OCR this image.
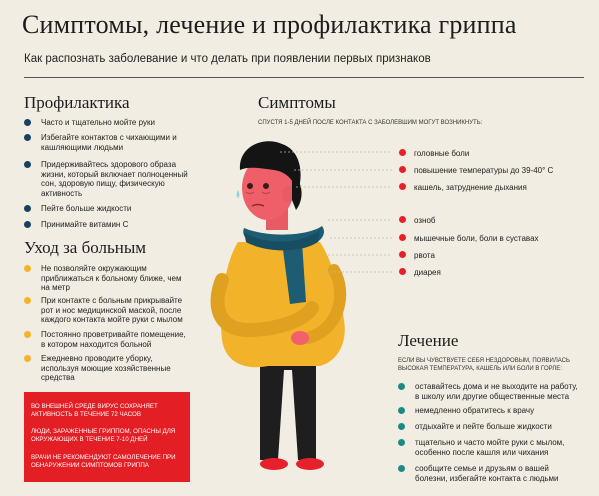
Симптомы, лечение и профилактика гриппа
Как распознать заболевание и что делать при появлении первых признаков
Профилактика
Часто и тщательно мойте руки
Избегайте контактов с чихающими и кашляющими людьми
Придерживайтесь здорового образа жизни, который включает полноценный сон, здоровую пищу, физическую активность
Пейте больше жидкости
Принимайте витамин С
Уход за больным
Не позволяйте окружающим приближаться к больному ближе, чем на метр
При контакте с больным прикрывайте рот и нос медицинской маской, после каждого контакта мойте руки с мылом
Постоянно проветривайте помещение, в котором находится больной
Ежедневно проводите уборку, используя моющие хозяйственные средства

ВО ВНЕШНЕЙ СРЕДЕ ВИРУС СОХРАНЯЕТ АКТИВНОСТЬ В ТЕЧЕНИЕ 72 ЧАСОВ

ЛЮДИ, ЗАРАЖЕННЫЕ ГРИППОМ, ОПАСНЫ ДЛЯ ОКРУЖАЮЩИХ В ТЕЧЕНИЕ 7-10 ДНЕЙ

ВРАЧИ НЕ РЕКОМЕНДУЮТ САМОЛЕЧЕНИЕ ПРИ ОБНАРУЖЕНИИ СИМПТОМОВ ГРИППА

Симптомы
СПУСТЯ 1-5 ДНЕЙ ПОСЛЕ КОНТАКТА С ЗАБОЛЕВШИМ МОГУТ ВОЗНИКНУТЬ:
головные боли
повышение температуры до 39-40° С
кашель, затруднение дыхания
озноб
мышечные боли, боли в суставах
рвота
диарея
Лечение
ЕСЛИ ВЫ ЧУВСТВУЕТЕ СЕБЯ НЕЗДОРОВЫМ, ПОЯВИЛАСЬ ВЫСОКАЯ ТЕМПЕРАТУРА, КАШЕЛЬ ИЛИ БОЛИ В ГОРЛЕ:
оставайтесь дома и не выходите на работу, в школу или другие общественные места
немедленно обратитесь к врачу
отдыхайте и пейте больше жидкости
тщательно и часто мойте руки с мылом, особенно после кашля или чихания
сообщите семье и друзьям о вашей болезни, избегайте контакта с людьми
